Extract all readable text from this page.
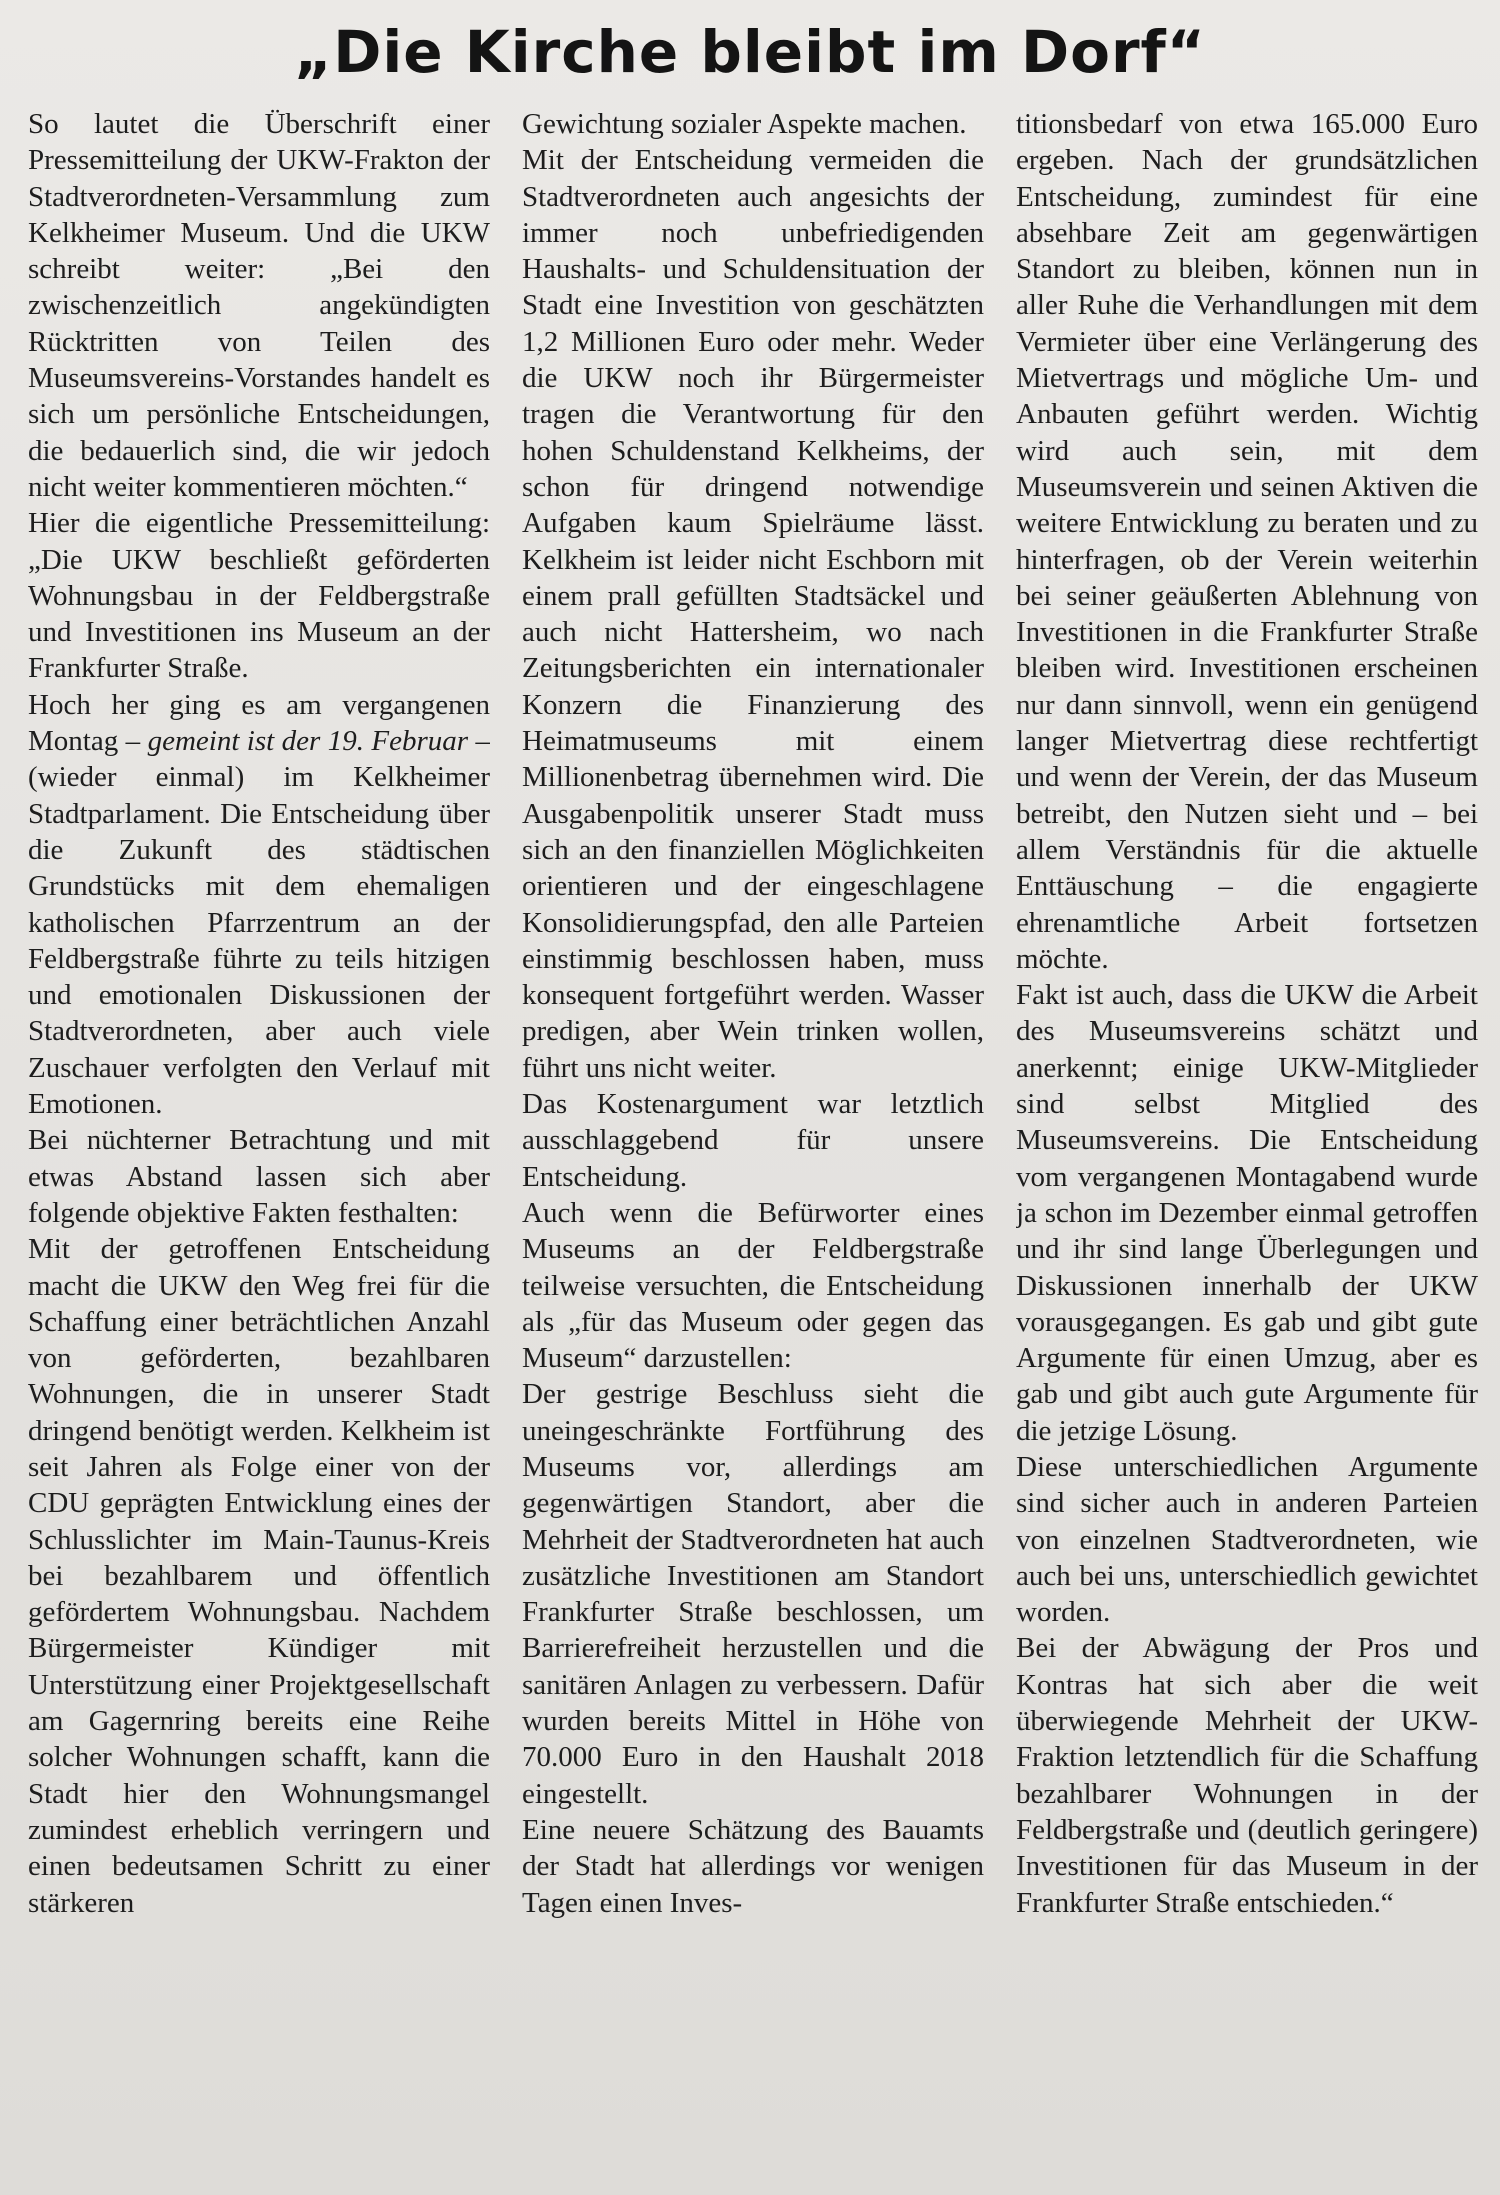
„Die Kirche bleibt im Dorf“

So lautet die Überschrift einer Pressemitteilung der UKW-Frakton der Stadtverordneten-Versammlung zum Kelkheimer Museum. Und die UKW schreibt weiter: „Bei den zwischenzeitlich angekündigten Rücktritten von Teilen des Museumsvereins-Vorstandes handelt es sich um persönliche Entscheidungen, die bedauerlich sind, die wir jedoch nicht weiter kommentieren möchten.“

Hier die eigentliche Pressemitteilung: „Die UKW beschließt geförderten Wohnungsbau in der Feldbergstraße und Investitionen ins Museum an der Frankfurter Straße.

Hoch her ging es am vergangenen Montag – gemeint ist der 19. Februar – (wieder einmal) im Kelkheimer Stadtparlament. Die Entscheidung über die Zukunft des städtischen Grundstücks mit dem ehemaligen katholischen Pfarrzentrum an der Feldbergstraße führte zu teils hitzigen und emotionalen Diskussionen der Stadtverordneten, aber auch viele Zuschauer verfolgten den Verlauf mit Emotionen.

Bei nüchterner Betrachtung und mit etwas Abstand lassen sich aber folgende objektive Fakten festhalten:

Mit der getroffenen Entscheidung macht die UKW den Weg frei für die Schaffung einer beträchtlichen Anzahl von geförderten, bezahlbaren Wohnungen, die in unserer Stadt dringend benötigt werden. Kelkheim ist seit Jahren als Folge einer von der CDU geprägten Entwicklung eines der Schlusslichter im Main-Taunus-Kreis bei bezahlbarem und öffentlich gefördertem Wohnungsbau. Nachdem Bürgermeister Kündiger mit Unterstützung einer Projektgesellschaft am Gagernring bereits eine Reihe solcher Wohnungen schafft, kann die Stadt hier den Wohnungsmangel zumindest erheblich verringern und einen bedeutsamen Schritt zu einer stärkeren

Gewichtung sozialer Aspekte machen.

Mit der Entscheidung vermeiden die Stadtverordneten auch angesichts der immer noch unbefriedigenden Haushalts- und Schuldensituation der Stadt eine Investition von geschätzten 1,2 Millionen Euro oder mehr. Weder die UKW noch ihr Bürgermeister tragen die Verantwortung für den hohen Schuldenstand Kelkheims, der schon für dringend notwendige Aufgaben kaum Spielräume lässt. Kelkheim ist leider nicht Eschborn mit einem prall gefüllten Stadtsäckel und auch nicht Hattersheim, wo nach Zeitungsberichten ein internationaler Konzern die Finanzierung des Heimatmuseums mit einem Millionenbetrag übernehmen wird. Die Ausgabenpolitik unserer Stadt muss sich an den finanziellen Möglichkeiten orientieren und der eingeschlagene Konsolidierungspfad, den alle Parteien einstimmig beschlossen haben, muss konsequent fortgeführt werden. Wasser predigen, aber Wein trinken wollen, führt uns nicht weiter.

Das Kostenargument war letztlich ausschlaggebend für unsere Entscheidung.

Auch wenn die Befürworter eines Museums an der Feldbergstraße teilweise versuchten, die Entscheidung als „für das Museum oder gegen das Museum“ darzustellen:

Der gestrige Beschluss sieht die uneingeschränkte Fortführung des Museums vor, allerdings am gegenwärtigen Standort, aber die Mehrheit der Stadtverordneten hat auch zusätzliche Investitionen am Standort Frankfurter Straße beschlossen, um Barrierefreiheit herzustellen und die sanitären Anlagen zu verbessern. Dafür wurden bereits Mittel in Höhe von 70.000 Euro in den Haushalt 2018 eingestellt.

Eine neuere Schätzung des Bauamts der Stadt hat allerdings vor wenigen Tagen einen Inves-

titionsbedarf von etwa 165.000 Euro ergeben. Nach der grundsätzlichen Entscheidung, zumindest für eine absehbare Zeit am gegenwärtigen Standort zu bleiben, können nun in aller Ruhe die Verhandlungen mit dem Vermieter über eine Verlängerung des Mietvertrags und mögliche Um- und Anbauten geführt werden. Wichtig wird auch sein, mit dem Museumsverein und seinen Aktiven die weitere Entwicklung zu beraten und zu hinterfragen, ob der Verein weiterhin bei seiner geäußerten Ablehnung von Investitionen in die Frankfurter Straße bleiben wird. Investitionen erscheinen nur dann sinnvoll, wenn ein genügend langer Mietvertrag diese rechtfertigt und wenn der Verein, der das Museum betreibt, den Nutzen sieht und – bei allem Verständnis für die aktuelle Enttäuschung – die engagierte ehrenamtliche Arbeit fortsetzen möchte.

Fakt ist auch, dass die UKW die Arbeit des Museumsvereins schätzt und anerkennt; einige UKW-Mitglieder sind selbst Mitglied des Museumsvereins. Die Entscheidung vom vergangenen Montagabend wurde ja schon im Dezember einmal getroffen und ihr sind lange Überlegungen und Diskussionen innerhalb der UKW vorausgegangen. Es gab und gibt gute Argumente für einen Umzug, aber es gab und gibt auch gute Argumente für die jetzige Lösung.

Diese unterschiedlichen Argumente sind sicher auch in anderen Parteien von einzelnen Stadtverordneten, wie auch bei uns, unterschiedlich gewichtet worden.

Bei der Abwägung der Pros und Kontras hat sich aber die weit überwiegende Mehrheit der UKW-Fraktion letztendlich für die Schaffung bezahlbarer Wohnungen in der Feldbergstraße und (deutlich geringere) Investitionen für das Museum in der Frankfurter Straße entschieden.“
